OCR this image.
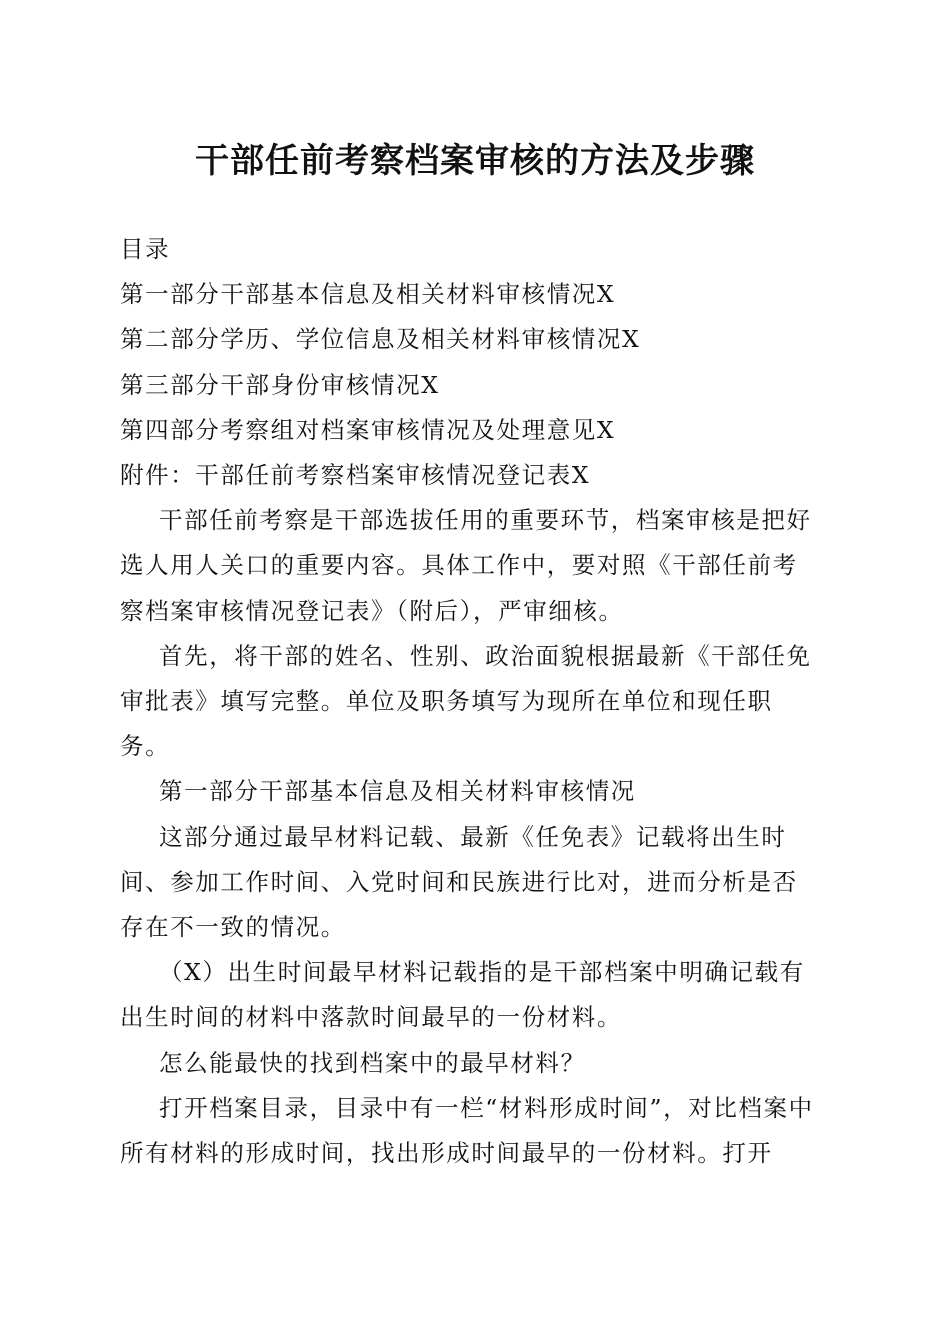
干部任前考察档案审核的方法及步骤

目录

第一部分干部基本信息及相关材料审核情况X

第二部分学历、学位信息及相关材料审核情况X

第三部分干部身份审核情况X

第四部分考察组对档案审核情况及处理意见X

附件：干部任前考察档案审核情况登记表X

干部任前考察是干部选拔任用的重要环节，档案审核是把好选人用人关口的重要内容。具体工作中，要对照《干部任前考察档案审核情况登记表》（附后），严审细核。

首先，将干部的姓名、性别、政治面貌根据最新《干部任免审批表》填写完整。单位及职务填写为现所在单位和现任职务。

第一部分干部基本信息及相关材料审核情况

这部分通过最早材料记载、最新《任免表》记载将出生时间、参加工作时间、入党时间和民族进行比对，进而分析是否存在不一致的情况。

（X）出生时间最早材料记载指的是干部档案中明确记载有出生时间的材料中落款时间最早的一份材料。

怎么能最快的找到档案中的最早材料？

打开档案目录，目录中有一栏“材料形成时间”，对比档案中所有材料的形成时间，找出形成时间最早的一份材料。打开
